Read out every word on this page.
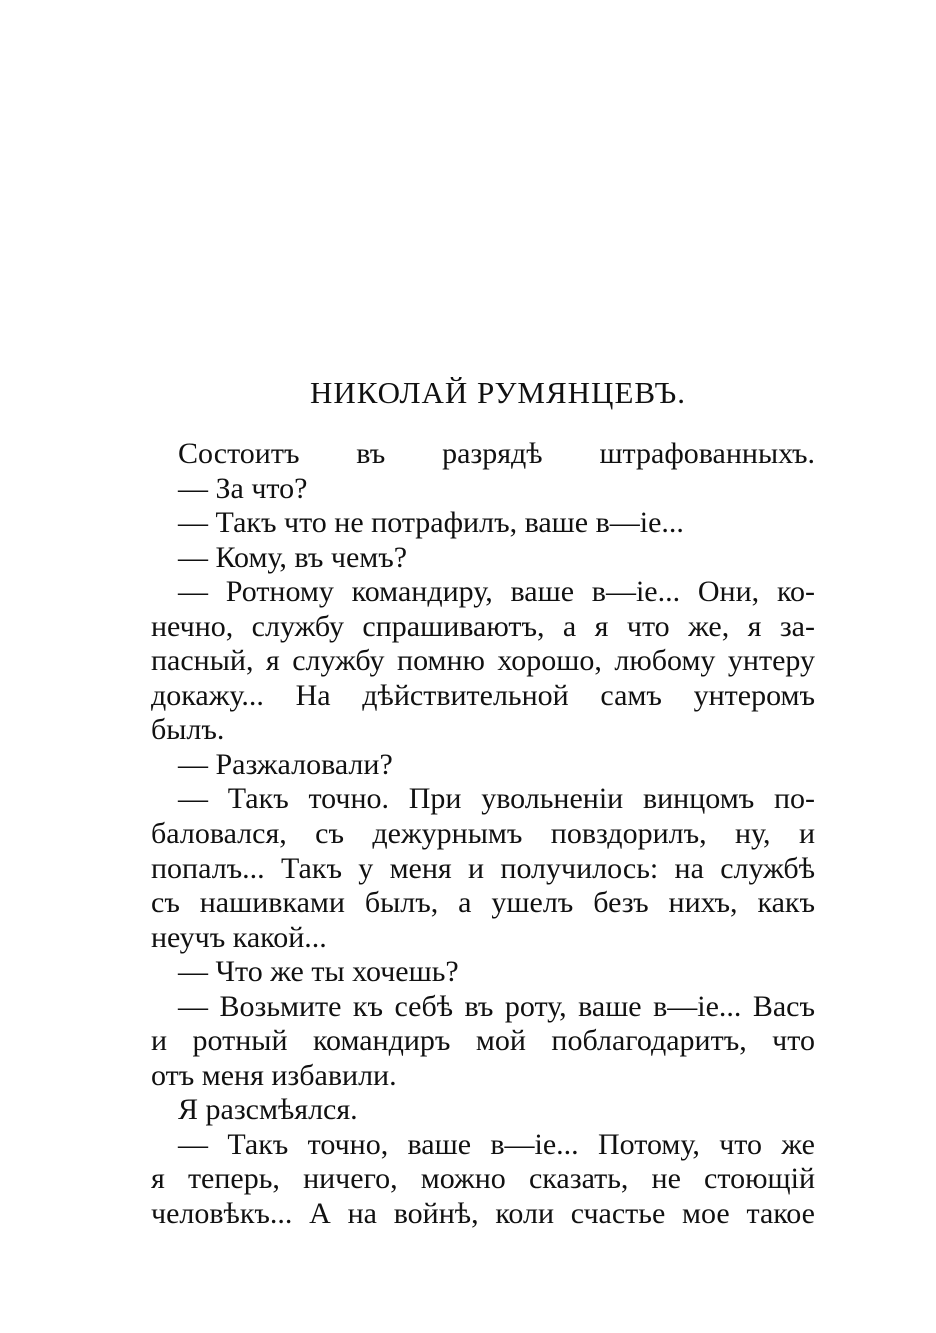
НИКОЛАЙ РУМЯНЦЕВЪ.
Состоитъ въ разрядѣ штрафованныхъ.
— За что?
— Такъ что не потрафилъ, ваше в—iе...
— Кому, въ чемъ?
— Ротному командиру, ваше в—iе... Они, ко-
нечно, службу спрашиваютъ, а я что же, я за-
пасный, я службу помню хорошо, любому унтеру
докажу... На дѣйствительной самъ унтеромъ
былъ.
— Разжаловали?
— Такъ точно. При увольненiи винцомъ по-
баловался, съ дежурнымъ повздорилъ, ну, и
попалъ... Такъ у меня и получилось: на службѣ
съ нашивками былъ, а ушелъ безъ нихъ, какъ
неучъ какой...
— Что же ты хочешь?
— Возьмите къ себѣ въ роту, ваше в—iе... Васъ
и ротный командиръ мой поблагодаритъ, что
отъ меня избавили.
Я разсмѣялся.
— Такъ точно, ваше в—iе... Потому, что же
я теперь, ничего, можно сказать, не стоющiй
человѣкъ... А на войнѣ, коли счастье мое такое
